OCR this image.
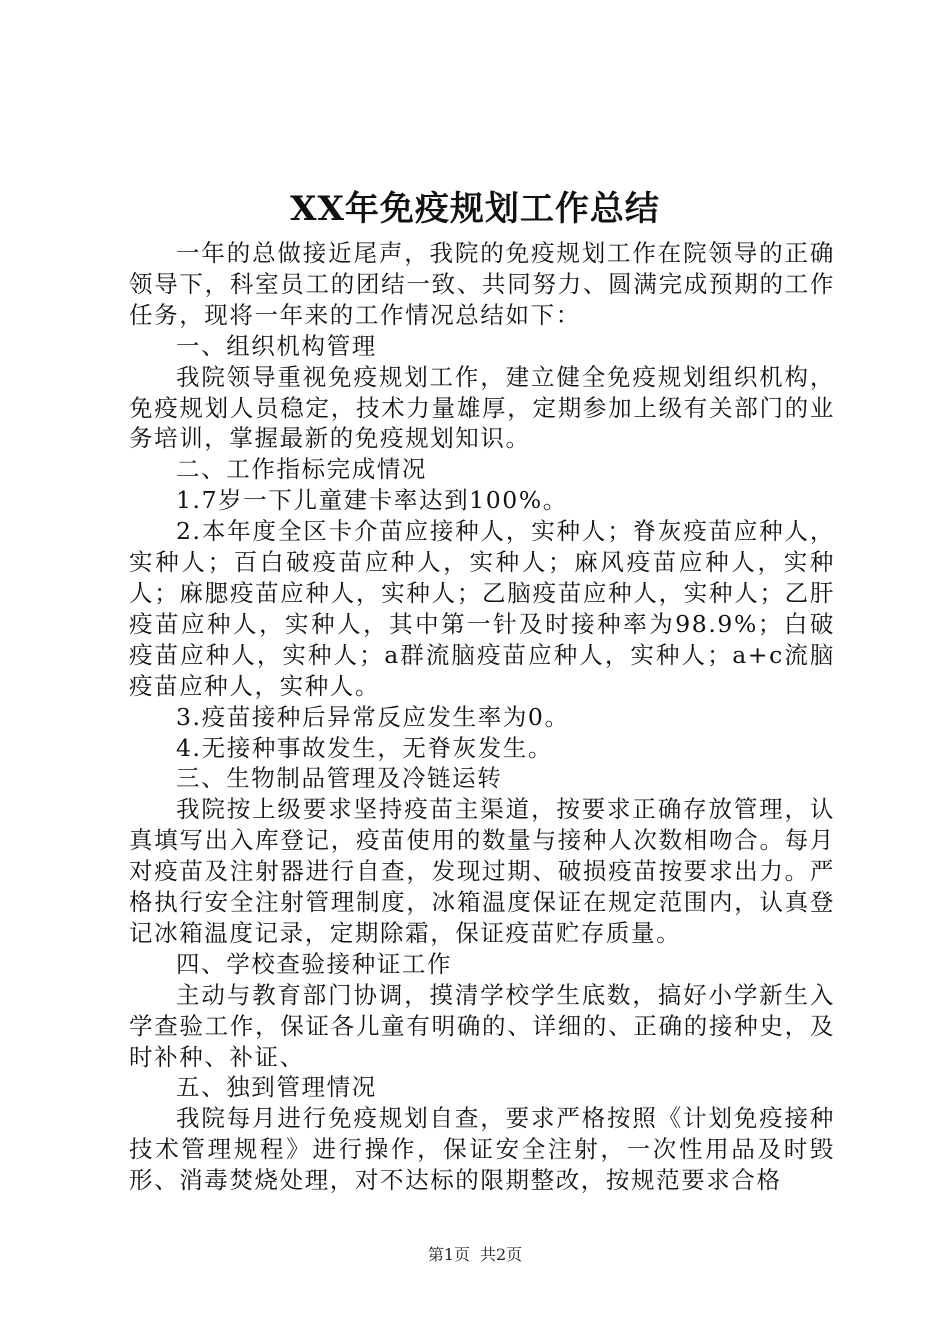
XX年免疫规划工作总结

一年的总做接近尾声，我院的免疫规划工作在院领导的正确领导下，科室员工的团结一致、共同努力、圆满完成预期的工作任务，现将一年来的工作情况总结如下：

一、组织机构管理

我院领导重视免疫规划工作，建立健全免疫规划组织机构，免疫规划人员稳定，技术力量雄厚，定期参加上级有关部门的业务培训，掌握最新的免疫规划知识。

二、工作指标完成情况

1.7岁一下儿童建卡率达到100%。

2.本年度全区卡介苗应接种人，实种人；脊灰疫苗应种人，实种人；百白破疫苗应种人，实种人；麻风疫苗应种人，实种人；麻腮疫苗应种人，实种人；乙脑疫苗应种人，实种人；乙肝疫苗应种人，实种人，其中第一针及时接种率为98.9%；白破疫苗应种人，实种人；a群流脑疫苗应种人，实种人；a+c流脑疫苗应种人，实种人。

3.疫苗接种后异常反应发生率为0。

4.无接种事故发生，无脊灰发生。

三、生物制品管理及冷链运转

我院按上级要求坚持疫苗主渠道，按要求正确存放管理，认真填写出入库登记，疫苗使用的数量与接种人次数相吻合。每月对疫苗及注射器进行自查，发现过期、破损疫苗按要求出力。严格执行安全注射管理制度，冰箱温度保证在规定范围内，认真登记冰箱温度记录，定期除霜，保证疫苗贮存质量。

四、学校查验接种证工作

主动与教育部门协调，摸清学校学生底数，搞好小学新生入学查验工作，保证各儿童有明确的、详细的、正确的接种史，及时补种、补证、

五、独到管理情况

我院每月进行免疫规划自查，要求严格按照《计划免疫接种技术管理规程》进行操作，保证安全注射，一次性用品及时毁形、消毒焚烧处理，对不达标的限期整改，按规范要求合格

第1页 共2页
